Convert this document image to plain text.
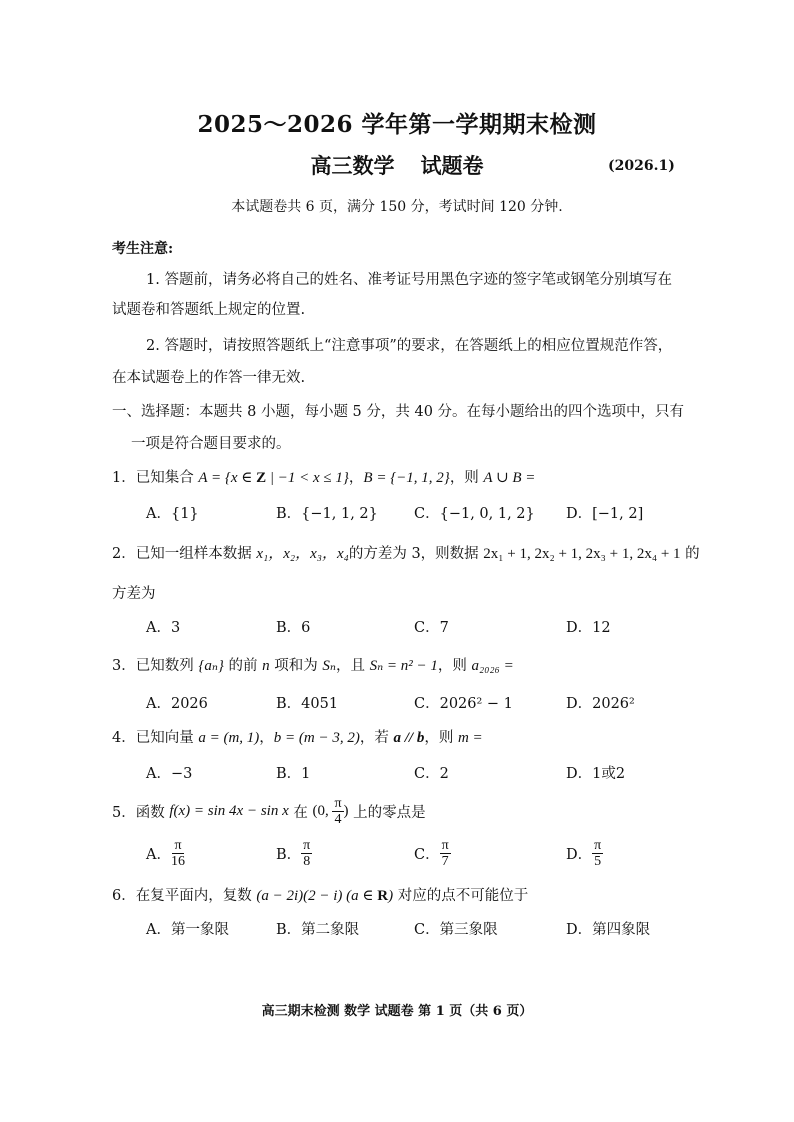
2025～2026 学年第一学期期末检测
高三数学 试题卷	(2026.1)
本试题卷共 6 页，满分 150 分，考试时间 120 分钟.
考生注意:
1. 答题前，请务必将自己的姓名、准考证号用黑色字迹的签字笔或钢笔分别填写在
试题卷和答题纸上规定的位置.
2. 答题时，请按照答题纸上“注意事项”的要求，在答题纸上的相应位置规范作答，
在本试题卷上的作答一律无效.
一、选择题：本题共 8 小题，每小题 5 分，共 40 分。在每小题给出的四个选项中，只有
一项是符合题目要求的。
1．已知集合 A = {x ∈ Z | −1 < x ≤ 1}，B = {−1, 1, 2}，则 A ∪ B =
A．{1}	B．{−1, 1, 2} C．{−1, 0, 1, 2} D．[−1, 2]
2．已知一组样本数据 x₁，x₂，x₃，x₄的方差为 3，则数据 2x₁ + 1, 2x₂ + 1, 2x₃ + 1, 2x₄ + 1 的
方差为
A．3	B．6	C．7	D．12
3．已知数列 {aₙ} 的前 n 项和为 Sₙ，且 Sₙ = n² − 1，则 a₂₀₂₆ =
A．2026	B．4051	C．2026² − 1	D．2026²
4．已知向量 a = (m, 1)，b = (m − 3, 2)，若 a // b，则 m =
A．−3	B．1	C．2	D．1或2
5．函数 f(x) = sin 4x − sin x 在 (0, $\frac{\pi}{4}$ ) 上的零点是
A． $\frac{\pi}{16}$	B． $\frac{\pi}{8}$	C． $\frac{\pi}{7}$	D． $\frac{\pi}{5}$
6．在复平面内，复数 (a − 2i)(2 − i) (a ∈ R) 对应的点不可能位于
A．第一象限	B．第二象限	C．第三象限	D．第四象限
高三期末检测 数学 试题卷 第 1 页（共 6 页）
